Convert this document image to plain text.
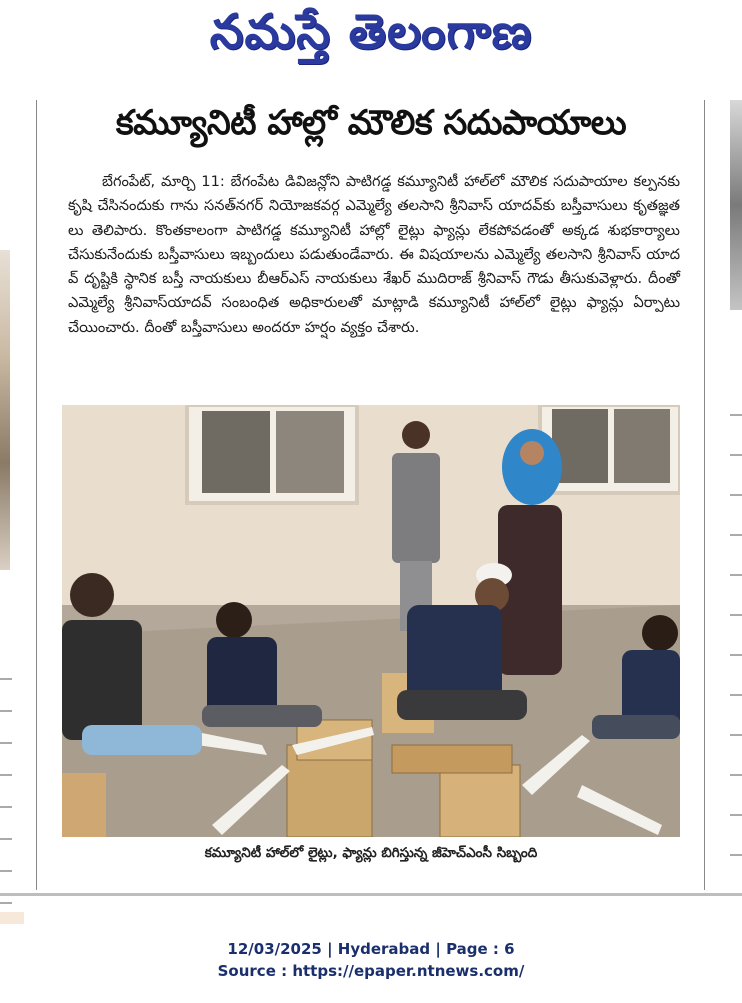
నమస్తే తెలంగాణ
కమ్యూనిటీ హాల్లో మౌలిక సదుపాయాలు
బేగంపేట్, మార్చి 11: బేగంపేట డివిజన్లోని పాటిగడ్డ కమ్యూనిటీ హాల్‌లో మౌలిక సదుపాయాల కల్పనకు కృషి చేసినందుకు గాను సనత్‌నగర్ నియోజకవర్గ ఎమ్మెల్యే తలసాని శ్రీనివాస్ యాదవ్‌కు బస్తీవాసులు కృతజ్ఞతలు తెలిపారు. కొంతకాలంగా పాటిగడ్డ కమ్యూనిటీ హాల్లో లైట్లు ఫ్యాన్లు లేకపోవడంతో అక్కడ శుభకార్యాలు చేసుకునేందుకు బస్తీవాసులు ఇబ్బందులు పడుతుండేవారు. ఈ విషయాలను ఎమ్మెల్యే తలసాని శ్రీనివాస్ యాదవ్ దృష్టికి స్థానిక బస్తీ నాయకులు బీఆర్ఎస్ నాయకులు శేఖర్ ముదిరాజ్ శ్రీనివాస్ గౌడు తీసుకువెళ్లారు. దీంతో ఎమ్మెల్యే శ్రీనివాస్‌యాదవ్ సంబంధిత అధికారులతో మాట్లాడి కమ్యూనిటీ హాల్‌లో లైట్లు ఫ్యాన్లు ఏర్పాటు చేయించారు. దీంతో బస్తీవాసులు అందరూ హర్షం వ్యక్తం చేశారు.
కమ్యూనిటీ హాల్‌లో లైట్లు, ఫ్యాన్లు బిగిస్తున్న జీహెచ్ఎంసీ సిబ్బంది
12/03/2025 | Hyderabad | Page : 6
Source : https://epaper.ntnews.com/
